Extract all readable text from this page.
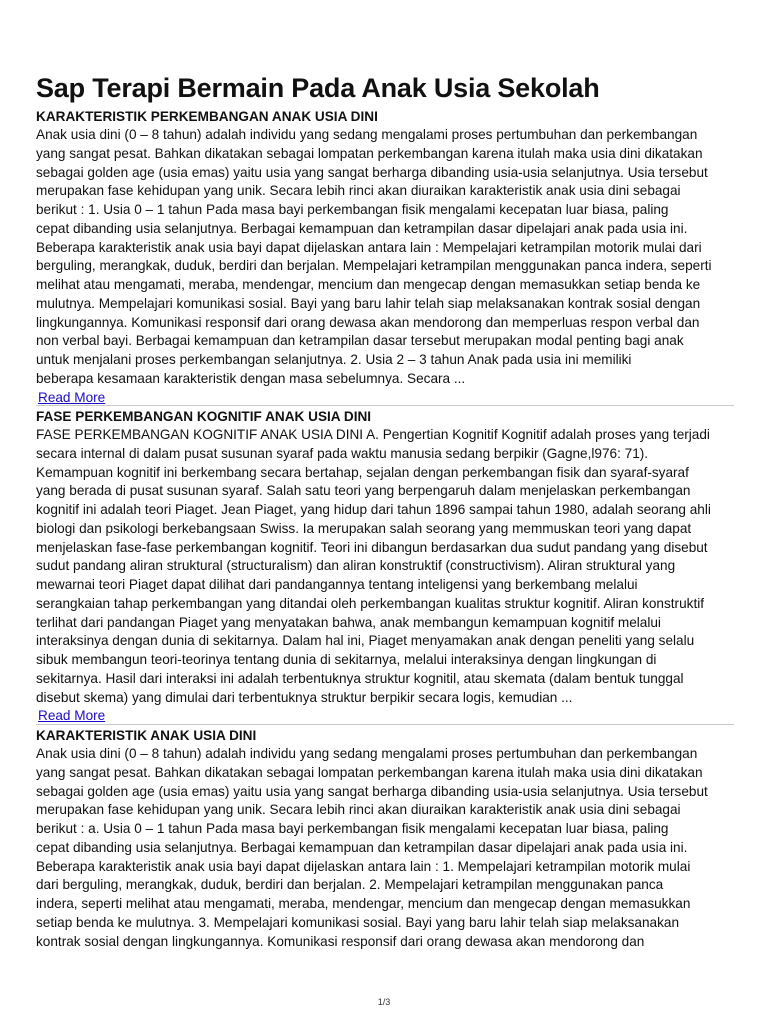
Sap Terapi Bermain Pada Anak Usia Sekolah
KARAKTERISTIK PERKEMBANGAN ANAK USIA DINI
Anak usia dini (0 – 8 tahun) adalah individu yang sedang mengalami proses pertumbuhan dan perkembangan
yang sangat pesat. Bahkan dikatakan sebagai lompatan perkembangan karena itulah maka usia dini dikatakan
sebagai golden age (usia emas) yaitu usia yang sangat berharga dibanding usia-usia selanjutnya. Usia tersebut
merupakan fase kehidupan yang unik. Secara lebih rinci akan diuraikan karakteristik anak usia dini sebagai
berikut : 1. Usia 0 – 1 tahun Pada masa bayi perkembangan fisik mengalami kecepatan luar biasa, paling
cepat dibanding usia selanjutnya. Berbagai kemampuan dan ketrampilan dasar dipelajari anak pada usia ini.
Beberapa karakteristik anak usia bayi dapat dijelaskan antara lain : Mempelajari ketrampilan motorik mulai dari
berguling, merangkak, duduk, berdiri dan berjalan. Mempelajari ketrampilan menggunakan panca indera, seperti
melihat atau mengamati, meraba, mendengar, mencium dan mengecap dengan memasukkan setiap benda ke
mulutnya. Mempelajari komunikasi sosial. Bayi yang baru lahir telah siap melaksanakan kontrak sosial dengan
lingkungannya. Komunikasi responsif dari orang dewasa akan mendorong dan memperluas respon verbal dan
non verbal bayi. Berbagai kemampuan dan ketrampilan dasar tersebut merupakan modal penting bagi anak
untuk menjalani proses perkembangan selanjutnya. 2. Usia 2 – 3 tahun Anak pada usia ini memiliki
beberapa kesamaan karakteristik dengan masa sebelumnya. Secara ...
Read More
FASE PERKEMBANGAN KOGNITIF ANAK USIA DINI
FASE PERKEMBANGAN KOGNITIF ANAK USIA DINI A. Pengertian Kognitif Kognitif adalah proses yang terjadi
secara internal di dalam pusat susunan syaraf pada waktu manusia sedang berpikir (Gagne,l976: 71).
Kemampuan kognitif ini berkembang secara bertahap, sejalan dengan perkembangan fisik dan syaraf-syaraf
yang berada di pusat susunan syaraf. Salah satu teori yang berpengaruh dalam menjelaskan perkembangan
kognitif ini adalah teori Piaget. Jean Piaget, yang hidup dari tahun 1896 sampai tahun 1980, adalah seorang ahli
biologi dan psikologi berkebangsaan Swiss. Ia merupakan salah seorang yang memmuskan teori yang dapat
menjelaskan fase-fase perkembangan kognitif. Teori ini dibangun berdasarkan dua sudut pandang yang disebut
sudut pandang aliran struktural (structuralism) dan aliran konstruktif (constructivism). Aliran struktural yang
mewarnai teori Piaget dapat dilihat dari pandangannya tentang inteligensi yang berkembang melalui
serangkaian tahap perkembangan yang ditandai oleh perkembangan kualitas struktur kognitif. Aliran konstruktif
terlihat dari pandangan Piaget yang menyatakan bahwa, anak membangun kemampuan kognitif melalui
interaksinya dengan dunia di sekitarnya. Dalam hal ini, Piaget menyamakan anak dengan peneliti yang selalu
sibuk membangun teori-teorinya tentang dunia di sekitarnya, melalui interaksinya dengan lingkungan di
sekitarnya. Hasil dari interaksi ini adalah terbentuknya struktur kognitil, atau skemata (dalam bentuk tunggal
disebut skema) yang dimulai dari terbentuknya struktur berpikir secara logis, kemudian ...
Read More
KARAKTERISTIK ANAK USIA DINI
Anak usia dini (0 – 8 tahun) adalah individu yang sedang mengalami proses pertumbuhan dan perkembangan
yang sangat pesat. Bahkan dikatakan sebagai lompatan perkembangan karena itulah maka usia dini dikatakan
sebagai golden age (usia emas) yaitu usia yang sangat berharga dibanding usia-usia selanjutnya. Usia tersebut
merupakan fase kehidupan yang unik. Secara lebih rinci akan diuraikan karakteristik anak usia dini sebagai
berikut : a. Usia 0 – 1 tahun Pada masa bayi perkembangan fisik mengalami kecepatan luar biasa, paling
cepat dibanding usia selanjutnya. Berbagai kemampuan dan ketrampilan dasar dipelajari anak pada usia ini.
Beberapa karakteristik anak usia bayi dapat dijelaskan antara lain : 1. Mempelajari ketrampilan motorik mulai
dari berguling, merangkak, duduk, berdiri dan berjalan. 2. Mempelajari ketrampilan menggunakan panca
indera, seperti melihat atau mengamati, meraba, mendengar, mencium dan mengecap dengan memasukkan
setiap benda ke mulutnya. 3. Mempelajari komunikasi sosial. Bayi yang baru lahir telah siap melaksanakan
kontrak sosial dengan lingkungannya. Komunikasi responsif dari orang dewasa akan mendorong dan
1/3
